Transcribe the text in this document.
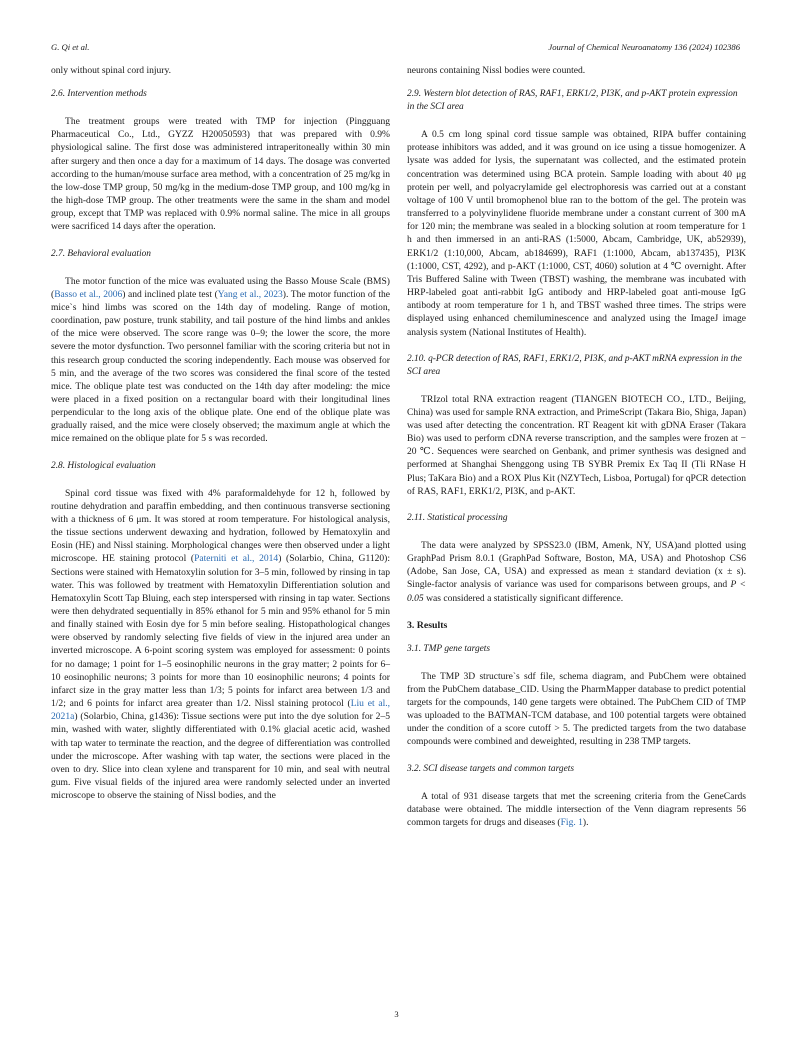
G. Qi et al.	Journal of Chemical Neuroanatomy 136 (2024) 102386

only without spinal cord injury.

2.6. Intervention methods

The treatment groups were treated with TMP for injection (Pingguang Pharmaceutical Co., Ltd., GYZZ H20050593) that was prepared with 0.9% physiological saline. The first dose was administered intraperitoneally within 30 min after surgery and then once a day for a maximum of 14 days. The dosage was converted according to the human/mouse surface area method, with a concentration of 25 mg/kg in the low-dose TMP group, 50 mg/kg in the medium-dose TMP group, and 100 mg/kg in the high-dose TMP group. The other treatments were the same in the sham and model group, except that TMP was replaced with 0.9% normal saline. The mice in all groups were sacrificed 14 days after the operation.

2.7. Behavioral evaluation

The motor function of the mice was evaluated using the Basso Mouse Scale (BMS) (Basso et al., 2006) and inclined plate test (Yang et al., 2023). The motor function of the mice`s hind limbs was scored on the 14th day of modeling. Range of motion, coordination, paw posture, trunk stability, and tail posture of the hind limbs and ankles of the mice were observed. The score range was 0–9; the lower the score, the more severe the motor dysfunction. Two personnel familiar with the scoring criteria but not in this research group conducted the scoring independently. Each mouse was observed for 5 min, and the average of the two scores was considered the final score of the tested mice. The oblique plate test was conducted on the 14th day after modeling: the mice were placed in a fixed position on a rectangular board with their longitudinal lines perpendicular to the long axis of the oblique plate. One end of the oblique plate was gradually raised, and the mice were closely observed; the maximum angle at which the mice remained on the oblique plate for 5 s was recorded.

2.8. Histological evaluation

Spinal cord tissue was fixed with 4% paraformaldehyde for 12 h, followed by routine dehydration and paraffin embedding, and then continuous transverse sectioning with a thickness of 6 μm. It was stored at room temperature. For histological analysis, the tissue sections underwent dewaxing and hydration, followed by Hematoxylin and Eosin (HE) and Nissl staining. Morphological changes were then observed under a light microscope. HE staining protocol (Paterniti et al., 2014) (Solarbio, China, G1120): Sections were stained with Hematoxylin solution for 3–5 min, followed by rinsing in tap water. This was followed by treatment with Hematoxylin Differentiation solution and Hematoxylin Scott Tap Bluing, each step interspersed with rinsing in tap water. Sections were then dehydrated sequentially in 85% ethanol for 5 min and 95% ethanol for 5 min and finally stained with Eosin dye for 5 min before sealing. Histopathological changes were observed by randomly selecting five fields of view in the injured area under an inverted microscope. A 6-point scoring system was employed for assessment: 0 points for no damage; 1 point for 1–5 eosinophilic neurons in the gray matter; 2 points for 6–10 eosinophilic neurons; 3 points for more than 10 eosinophilic neurons; 4 points for infarct size in the gray matter less than 1/3; 5 points for infarct area between 1/3 and 1/2; and 6 points for infarct area greater than 1/2. Nissl staining protocol (Liu et al., 2021a) (Solarbio, China, g1436): Tissue sections were put into the dye solution for 2–5 min, washed with water, slightly differentiated with 0.1% glacial acetic acid, washed with tap water to terminate the reaction, and the degree of differentiation was controlled under the microscope. After washing with tap water, the sections were placed in the oven to dry. Slice into clean xylene and transparent for 10 min, and seal with neutral gum. Five visual fields of the injured area were randomly selected under an inverted microscope to observe the staining of Nissl bodies, and the

neurons containing Nissl bodies were counted.

2.9. Western blot detection of RAS, RAF1, ERK1/2, PI3K, and p-AKT protein expression in the SCI area

A 0.5 cm long spinal cord tissue sample was obtained, RIPA buffer containing protease inhibitors was added, and it was ground on ice using a tissue homogenizer. A lysate was added for lysis, the supernatant was collected, and the estimated protein concentration was determined using BCA protein. Sample loading with about 40 μg protein per well, and polyacrylamide gel electrophoresis was carried out at a constant voltage of 100 V until bromophenol blue ran to the bottom of the gel. The protein was transferred to a polyvinylidene fluoride membrane under a constant current of 300 mA for 120 min; the membrane was sealed in a blocking solution at room temperature for 1 h and then immersed in an anti-RAS (1:5000, Abcam, Cambridge, UK, ab52939), ERK1/2 (1:10,000, Abcam, ab184699), RAF1 (1:1000, Abcam, ab137435), PI3K (1:1000, CST, 4292), and p-AKT (1:1000, CST, 4060) solution at 4 ℃ overnight. After Tris Buffered Saline with Tween (TBST) washing, the membrane was incubated with HRP-labeled goat anti-rabbit IgG antibody and HRP-labeled goat anti-mouse IgG antibody at room temperature for 1 h, and TBST washed three times. The strips were displayed using enhanced chemiluminescence and analyzed using the ImageJ image analysis system (National Institutes of Health).

2.10. q-PCR detection of RAS, RAF1, ERK1/2, PI3K, and p-AKT mRNA expression in the SCI area

TRIzol total RNA extraction reagent (TIANGEN BIOTECH CO., LTD., Beijing, China) was used for sample RNA extraction, and PrimeScript (Takara Bio, Shiga, Japan) was used after detecting the concentration. RT Reagent kit with gDNA Eraser (Takara Bio) was used to perform cDNA reverse transcription, and the samples were frozen at − 20 ℃. Sequences were searched on Genbank, and primer synthesis was designed and performed at Shanghai Shenggong using TB SYBR Premix Ex Taq II (Tli RNase H Plus; TaKara Bio) and a ROX Plus Kit (NZYTech, Lisboa, Portugal) for qPCR detection of RAS, RAF1, ERK1/2, PI3K, and p-AKT.

2.11. Statistical processing

The data were analyzed by SPSS23.0 (IBM, Amenk, NY, USA)and plotted using GraphPad Prism 8.0.1 (GraphPad Software, Boston, MA, USA) and Photoshop CS6 (Adobe, San Jose, CA, USA) and expressed as mean ± standard deviation (x ± s). Single-factor analysis of variance was used for comparisons between groups, and P < 0.05 was considered a statistically significant difference.

3. Results
3.1. TMP gene targets

The TMP 3D structure`s sdf file, schema diagram, and PubChem were obtained from the PubChem database_CID. Using the PharmMapper database to predict potential targets for the compounds, 140 gene targets were obtained. The PubChem CID of TMP was uploaded to the BATMAN-TCM database, and 100 potential targets were obtained under the condition of a score cutoff > 5. The predicted targets from the two database compounds were combined and deweighted, resulting in 238 TMP targets.

3.2. SCI disease targets and common targets

A total of 931 disease targets that met the screening criteria from the GeneCards database were obtained. The middle intersection of the Venn diagram represents 56 common targets for drugs and diseases (Fig. 1).

3
